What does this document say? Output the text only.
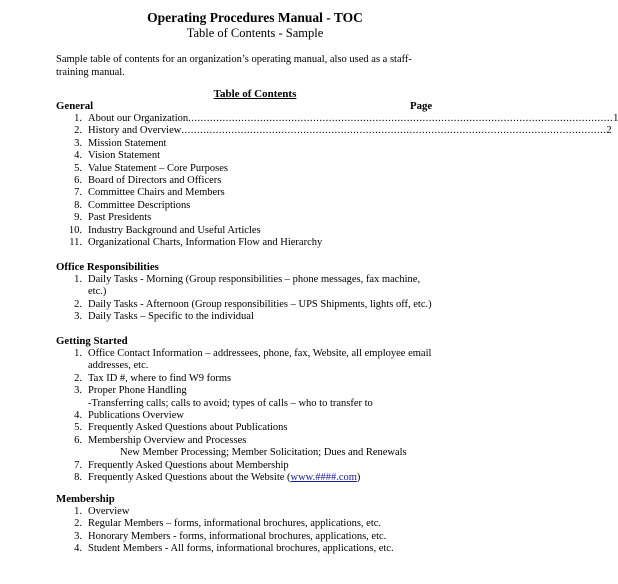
Operating Procedures Manual - TOC
Table of Contents - Sample
Sample table of contents for an organization’s operating manual, also used as a staff-training manual.
Table of Contents
General	Page
1. About our Organization ........................................................................................................................................ 1
2. History and Overview ........................................................................................................................................ 2
3. Mission Statement
4. Vision Statement
5. Value Statement – Core Purposes
6. Board of Directors and Officers
7. Committee Chairs and Members
8. Committee Descriptions
9. Past Presidents
10. Industry Background and Useful Articles
11. Organizational Charts, Information Flow and Hierarchy
Office Responsibilities
1. Daily Tasks - Morning (Group responsibilities – phone messages, fax machine,
etc.)
2. Daily Tasks - Afternoon (Group responsibilities – UPS Shipments, lights off, etc.)
3. Daily Tasks – Specific to the individual
Getting Started
1. Office Contact Information – addressees, phone, fax, Website, all employee email
addresses, etc.
2. Tax ID #, where to find W9 forms
3. Proper Phone Handling
-Transferring calls; calls to avoid; types of calls – who to transfer to
4. Publications Overview
5. Frequently Asked Questions about Publications
6. Membership Overview and Processes
New Member Processing; Member Solicitation; Dues and Renewals
7. Frequently Asked Questions about Membership
8. Frequently Asked Questions about the Website (www.####.com)
Membership
1. Overview
2. Regular Members – forms, informational brochures, applications, etc.
3. Honorary Members - forms, informational brochures, applications, etc.
4. Student Members - All forms, informational brochures, applications, etc.
